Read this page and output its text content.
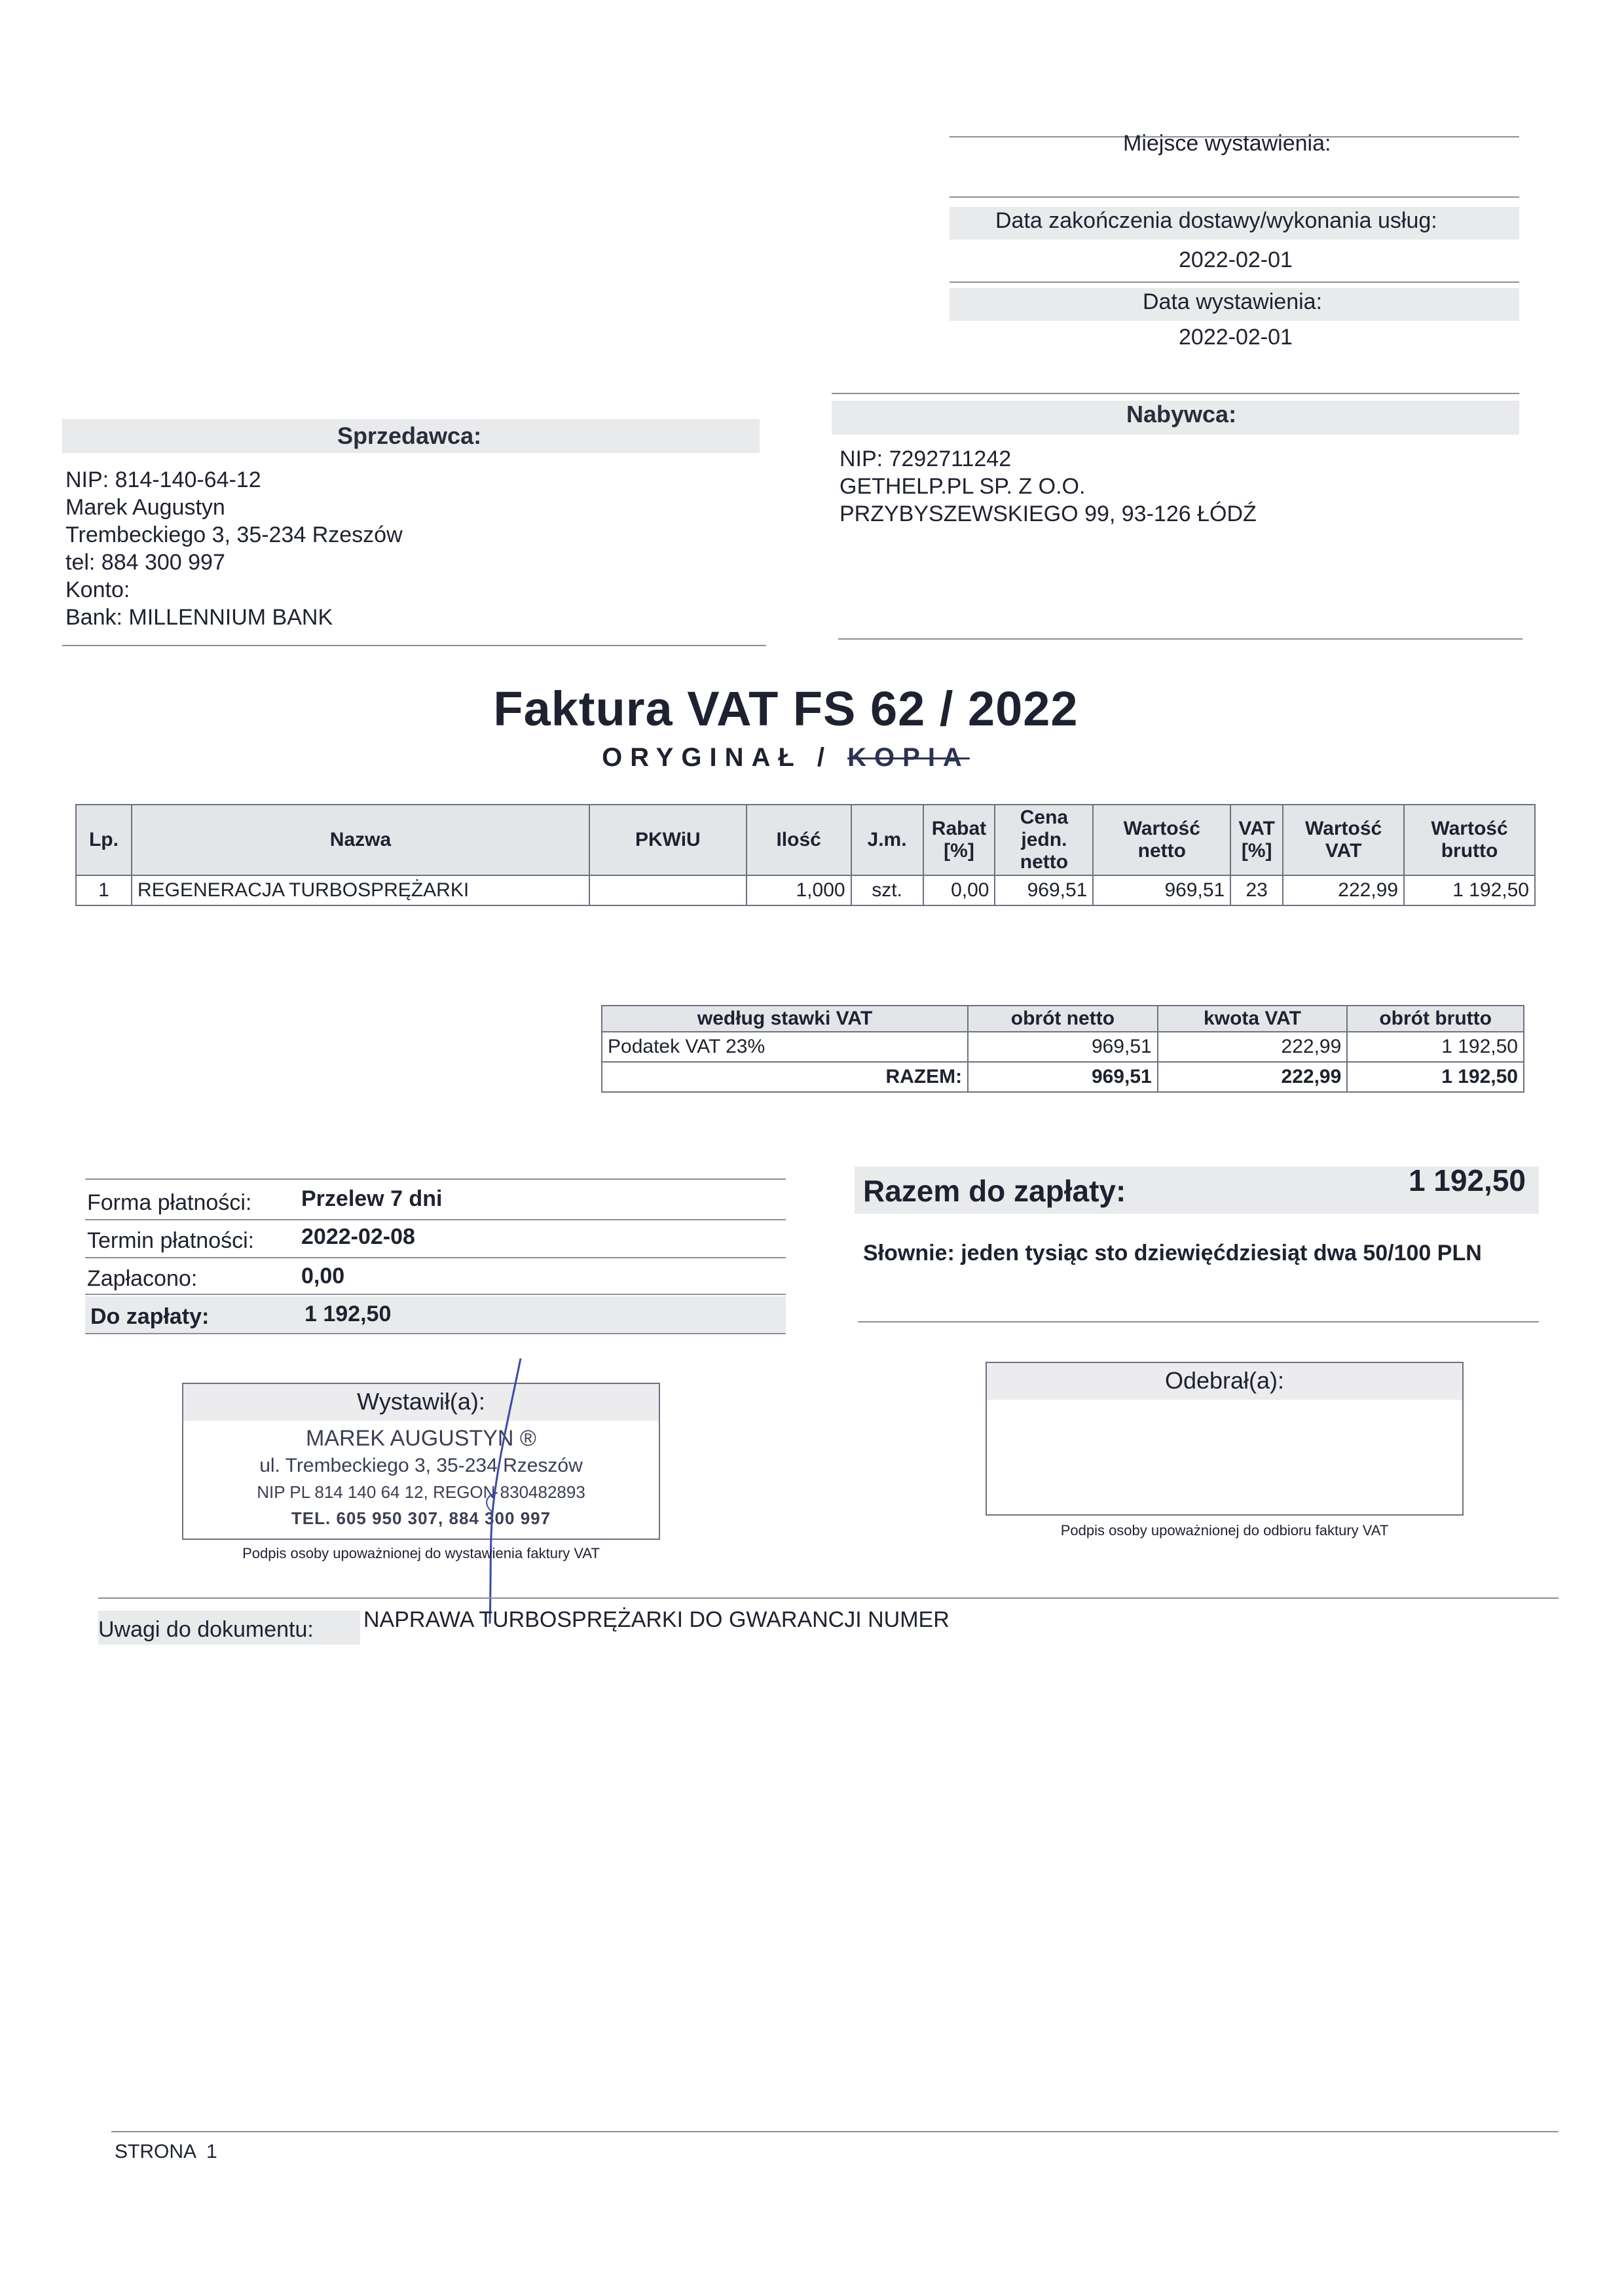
Miejsce wystawienia:
Data zakończenia dostawy/wykonania usług:
2022-02-01
Data wystawienia:
2022-02-01
Sprzedawca:
NIP: 814-140-64-12
Marek Augustyn
Trembeckiego 3, 35-234 Rzeszów
tel: 884 300 997
Konto:
Bank: MILLENNIUM BANK
Nabywca:
NIP: 7292711242
GETHELP.PL SP. Z O.O.
PRZYBYSZEWSKIEGO 99, 93-126 ŁÓDŹ
Faktura VAT FS 62 / 2022
ORYGINAŁ / KOPIA
Lp.	Nazwa	PKWiU	Ilość	J.m.	Rabat [%]	Cena jedn. netto	Wartość netto	VAT [%]	Wartość VAT	Wartość brutto
1	REGENERACJA TURBOSPRĘŻARKI		1,000	szt.	0,00	969,51	969,51	23	222,99	1 192,50
według stawki VAT	obrót netto	kwota VAT	obrót brutto
Podatek VAT 23%	969,51	222,99	1 192,50
RAZEM:	969,51	222,99	1 192,50
Forma płatności: Przelew 7 dni
Termin płatności: 2022-02-08
Zapłacono:	0,00
Do zapłaty:	1 192,50
Razem do zapłaty:	1 192,50
Słownie: jeden tysiąc sto dziewięćdziesiąt dwa 50/100 PLN
Wystawił(a):
MAREK AUGUSTYN ®
ul. Trembeckiego 3, 35-234 Rzeszów
NIP PL 814 140 64 12, REGON 830482893
TEL. 605 950 307, 884 300 997
Podpis osoby upoważnionej do wystawienia faktury VAT
Odebrał(a):
Podpis osoby upoważnionej do odbioru faktury VAT
Uwagi do dokumentu: NAPRAWA TURBOSPRĘŻARKI DO GWARANCJI NUMER
STRONA  1
